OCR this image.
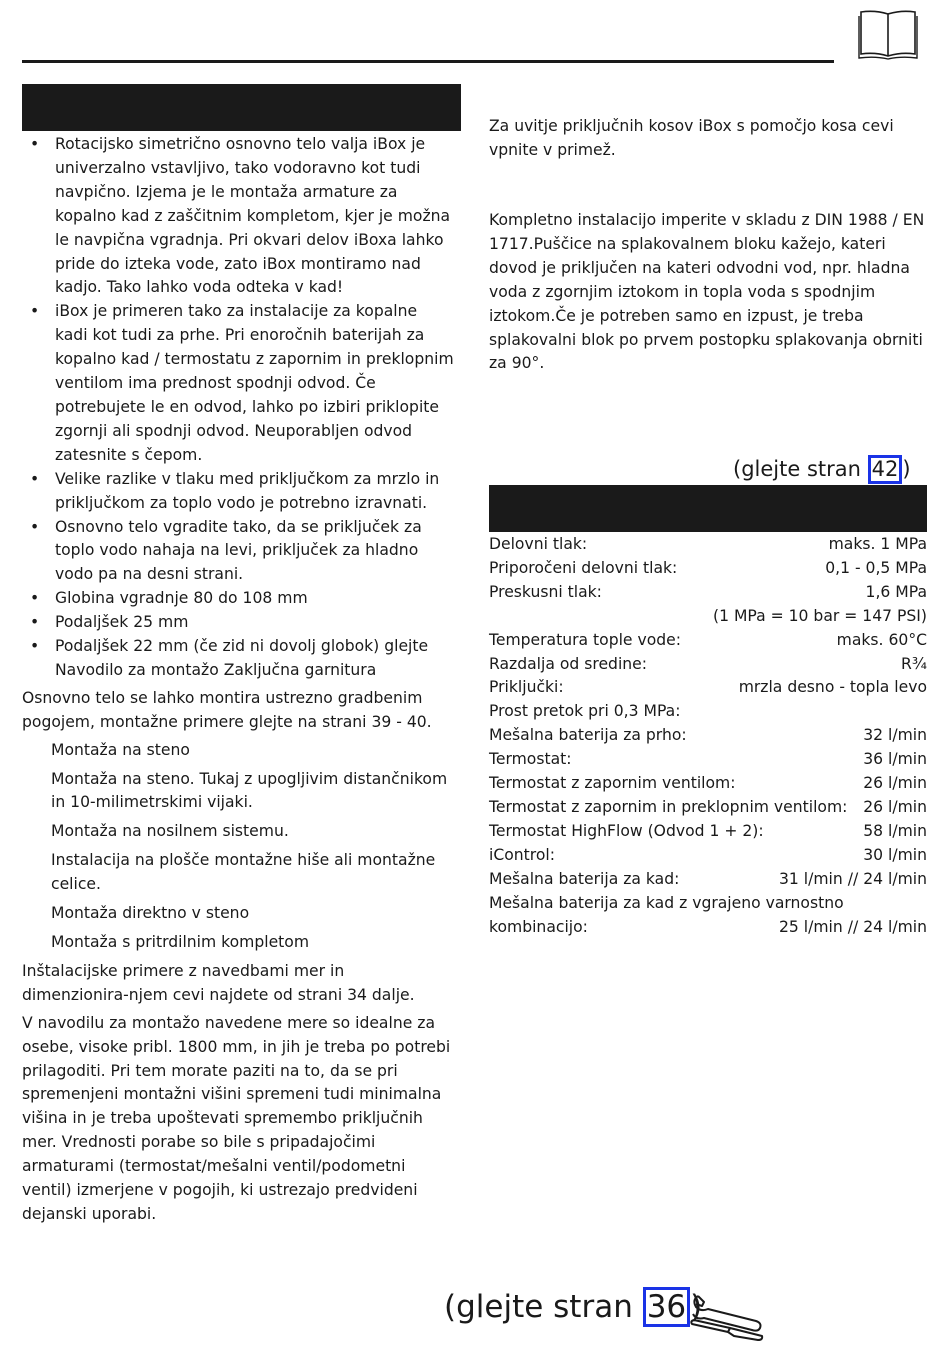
• Rotacijsko simetrično osnovno telo valja iBox je univerzalno vstavljivo, tako vodoravno kot tudi navpično. Izjema je le montaža armature za kopalno kad z zaščitnim kompletom, kjer je možna le navpična vgradnja. Pri okvari delov iBoxa lahko pride do izteka vode, zato iBox montiramo nad kadjo. Tako lahko voda odteka v kad!
• iBox je primeren tako za instalacije za kopalne kadi kot tudi za prhe. Pri enoročnih baterijah za kopalno kad / termostatu z zapornim in preklopnim ventilom ima prednost spodnji odvod. Če potrebujete le en odvod, lahko po izbiri priklopite zgornji ali spodnji odvod. Neuporabljen odvod zatesnite s čepom.
• Velike razlike v tlaku med priključkom za mrzlo in priključkom za toplo vodo je potrebno izravnati.
• Osnovno telo vgradite tako, da se priključek za toplo vodo nahaja na levi, priključek za hladno vodo pa na desni strani.
• Globina vgradnje 80 do 108 mm
• Podaljšek 25 mm
• Podaljšek 22 mm (če zid ni dovolj globok) glejte Navodilo za montažo Zaključna garnitura

Osnovno telo se lahko montira ustrezno gradbenim pogojem, montažne primere glejte na strani 39 - 40.

Montaža na steno
Montaža na steno. Tukaj z upogljivim distančnikom in 10-milimetrskimi vijaki.
Montaža na nosilnem sistemu.
Instalacija na plošče montažne hiše ali montažne celice.
Montaža direktno v steno
Montaža s pritrdilnim kompletom

Inštalacijske primere z navedbami mer in dimenzionira-njem cevi najdete od strani 34 dalje.

V navodilu za montažo navedene mere so idealne za osebe, visoke pribl. 1800 mm, in jih je treba po potrebi prilagoditi. Pri tem morate paziti na to, da se pri spremenjeni montažni višini spremeni tudi minimalna višina in je treba upoštevati spremembo priključnih mer. Vrednosti porabe so bile s pripadajočimi armaturami (termostat/mešalni ventil/podometni ventil) izmerjene v pogojih, ki ustrezajo predvideni dejanski uporabi.

Za uvitje priključnih kosov iBox s pomočjo kosa cevi vpnite v primež.

Kompletno instalacijo imperite v skladu z DIN 1988 / EN 1717.Puščice na splakovalnem bloku kažejo, kateri dovod je priključen na kateri odvodni vod, npr. hladna voda z zgornjim iztokom in topla voda s spodnjim iztokom.Če je potreben samo en izpust, je treba splakovalni blok po prvem postopku splakovanja obrniti za 90°.

(glejte stran 42 )
Delovni tlak:	maks. 1 MPa
Priporočeni delovni tlak:	0,1 - 0,5 MPa
Preskusni tlak:	1,6 MPa
(1 MPa = 10 bar = 147 PSI)
Temperatura tople vode:	maks. 60°C
Razdalja od sredine:	R¾
Priključki:	mrzla desno - topla levo
Prost pretok pri 0,3 MPa:
Mešalna baterija za prho:	32 l/min
Termostat:	36 l/min
Termostat z zapornim ventilom:	26 l/min
Termostat z zapornim in preklopnim ventilom: 26 l/min
Termostat HighFlow (Odvod 1 + 2):	58 l/min
iControl:	30 l/min
Mešalna baterija za kad:	31 l/min // 24 l/min
Mešalna baterija za kad z vgrajeno varnostno
kombinacijo:	25 l/min // 24 l/min
(glejte stran 36 )
